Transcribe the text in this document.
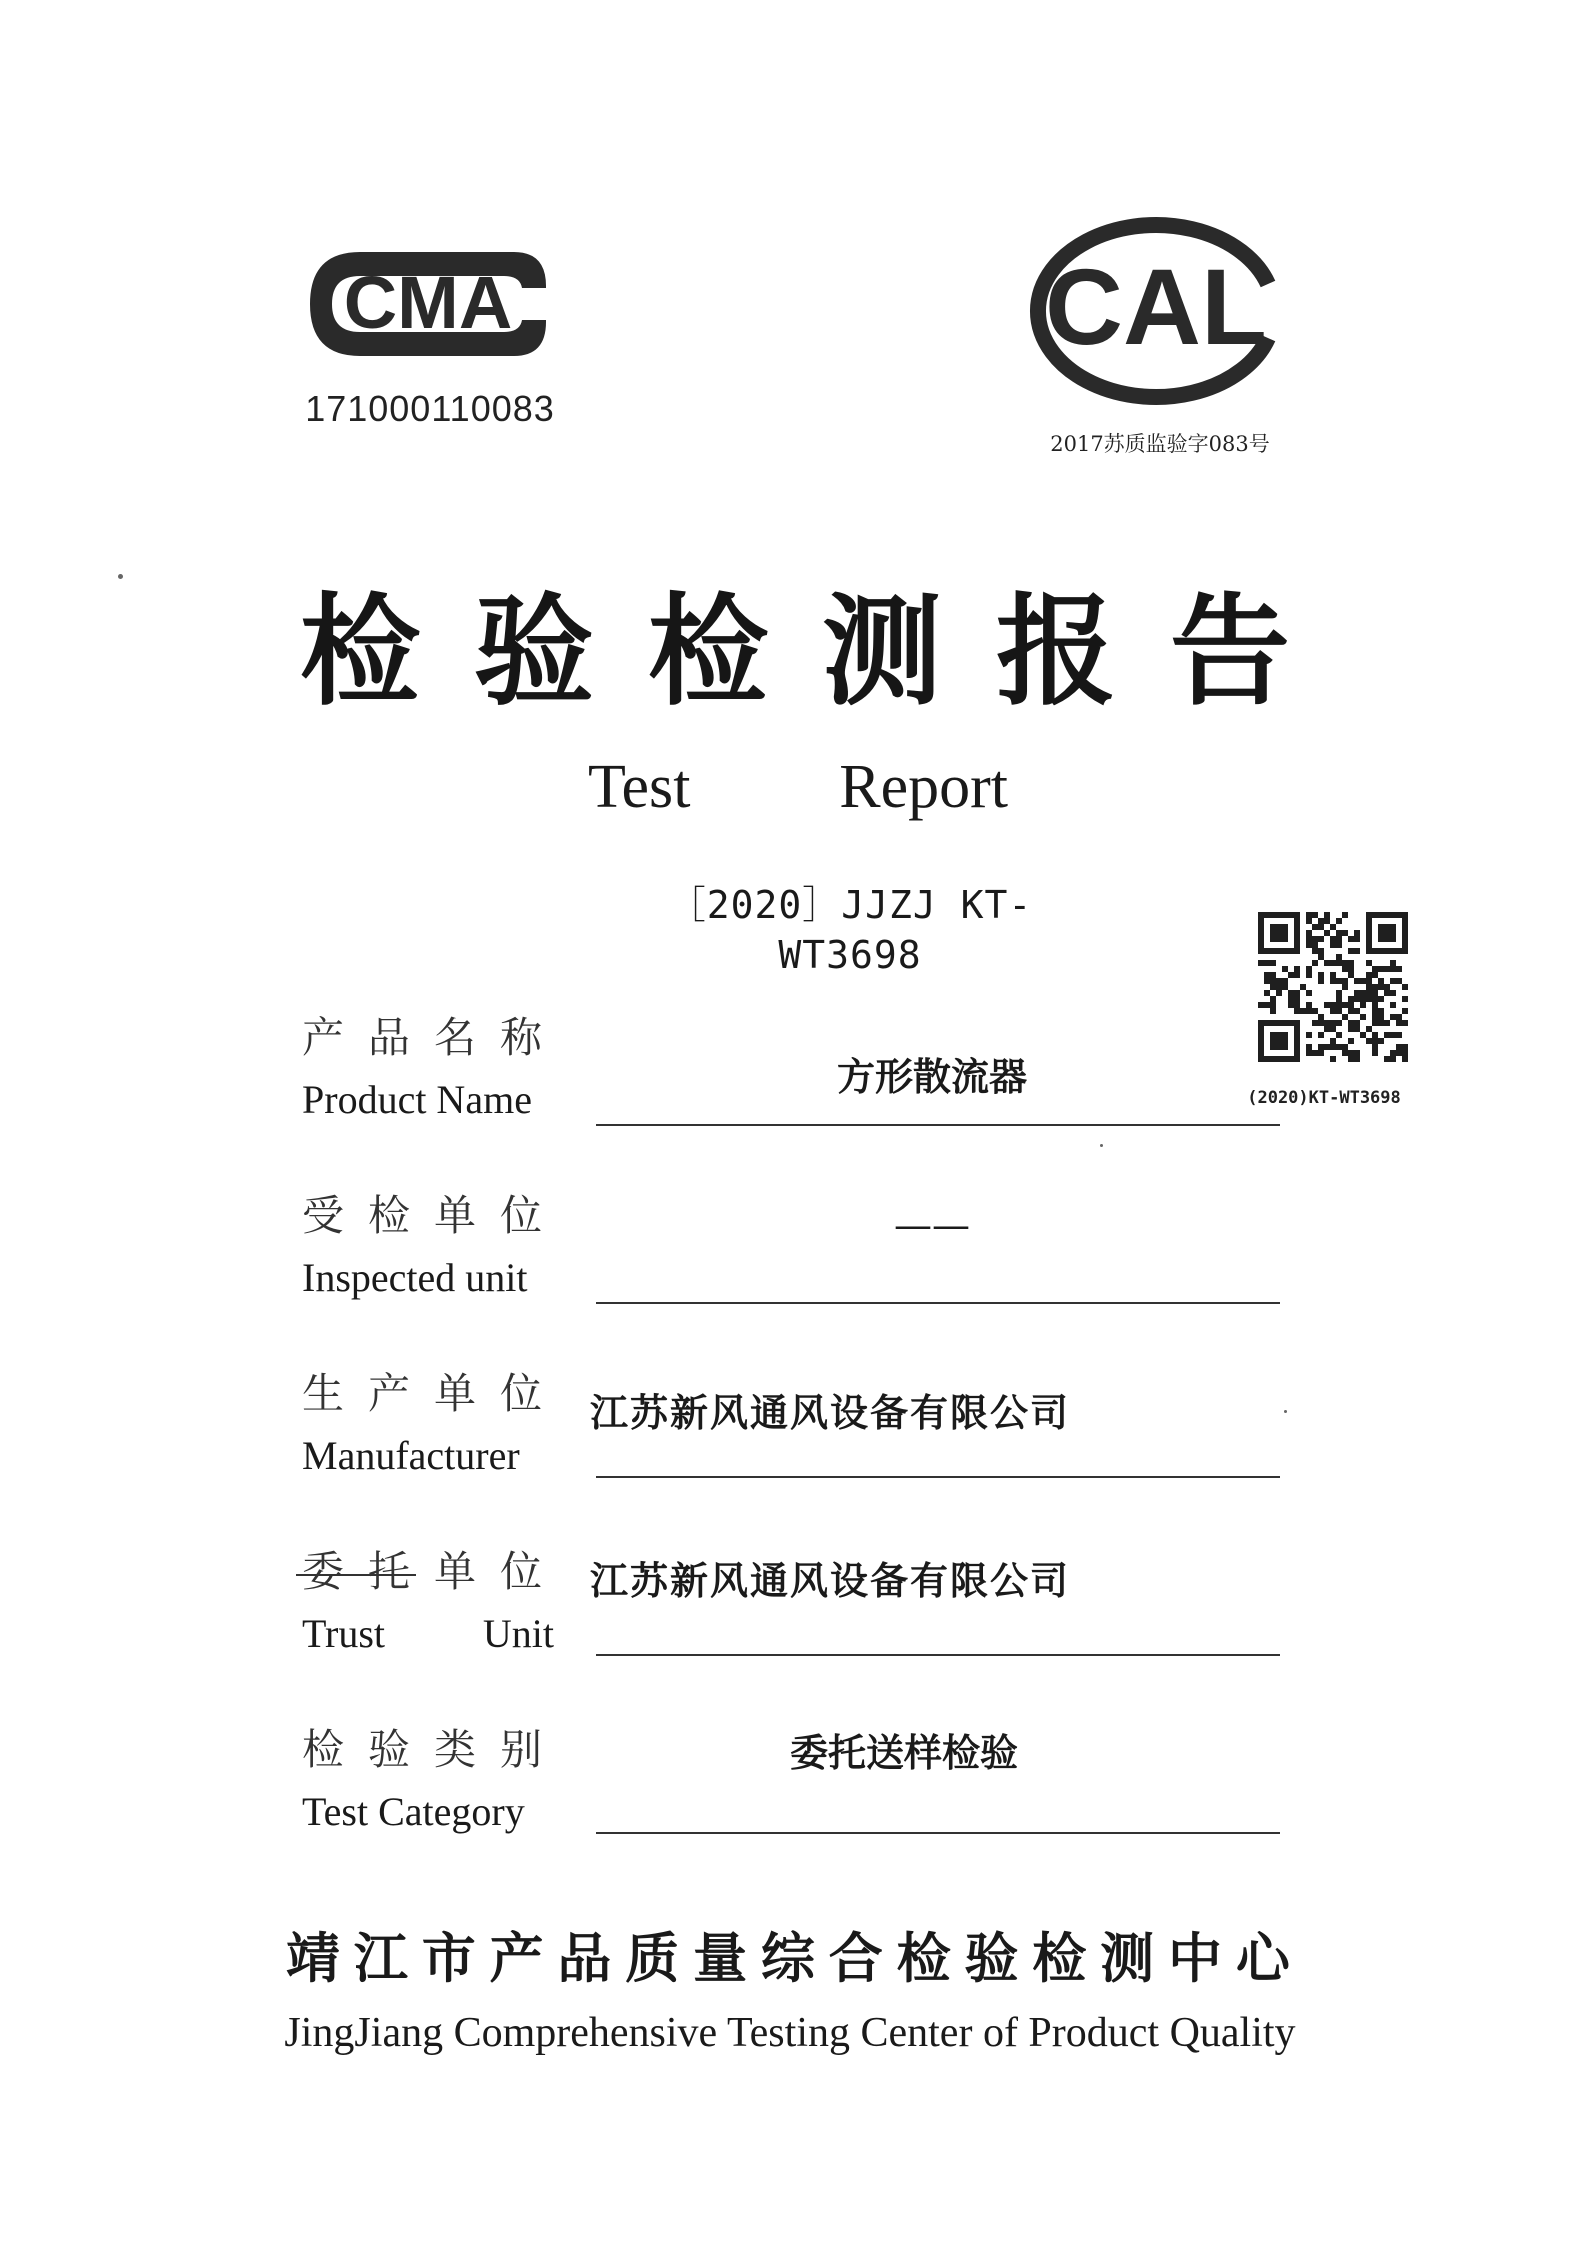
CMA
171000110083
CAL
2017苏质监验字083号
检 验 检 测 报 告
Test Report
［2020］JJZJ KT-WT3698
(2020)KT-WT3698
产 品 名 称
Product Name
方形散流器
受 检 单 位
Inspected unit
——
生 产 单 位
Manufacturer
江苏新风通风设备有限公司
委 托 单 位
Trust Unit
江苏新风通风设备有限公司
检 验 类 别
Test Category
委托送样检验
靖 江 市 产 品 质 量 综 合 检 验 检 测 中 心
JingJiang Comprehensive Testing Center of Product Quality
